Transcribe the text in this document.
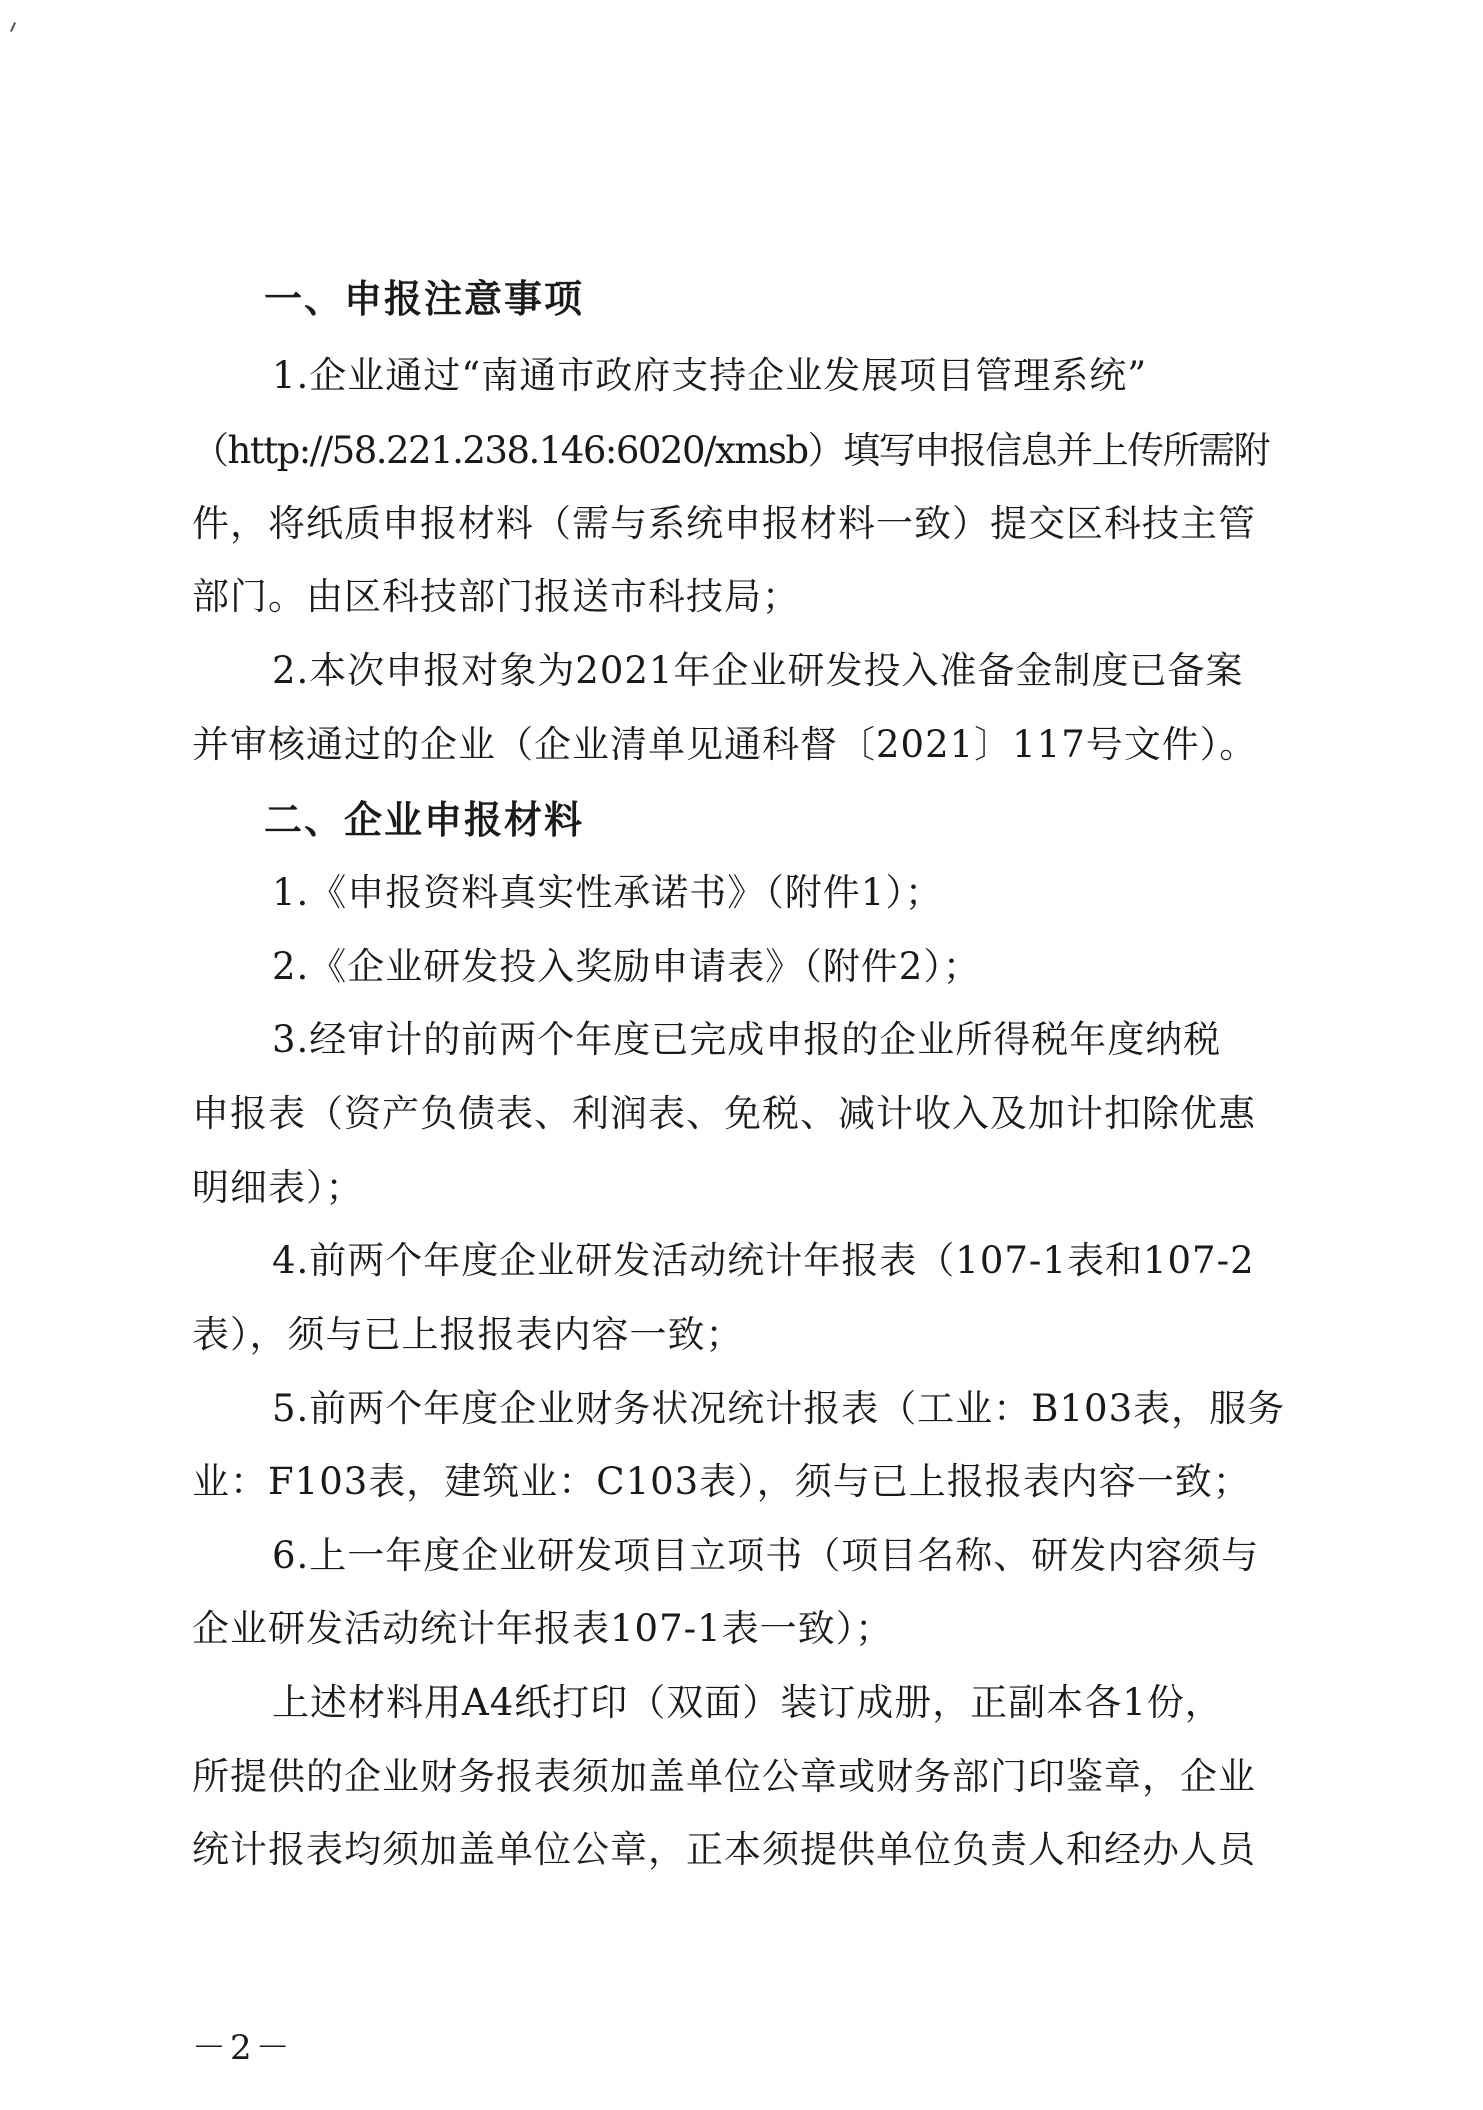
一、申报注意事项
1.企业通过“南通市政府支持企业发展项目管理系统”
（http://58.221.238.146:6020/xmsb）填写申报信息并上传所需附
件，将纸质申报材料（需与系统申报材料一致）提交区科技主管
部门。由区科技部门报送市科技局；
2.本次申报对象为2021年企业研发投入准备金制度已备案
并审核通过的企业（企业清单见通科督〔2021〕117号文件）。
二、企业申报材料
1.《申报资料真实性承诺书》（附件1）；
2.《企业研发投入奖励申请表》（附件2）；
3.经审计的前两个年度已完成申报的企业所得税年度纳税
申报表（资产负债表、利润表、免税、减计收入及加计扣除优惠
明细表）；
4.前两个年度企业研发活动统计年报表（107-1表和107-2
表），须与已上报报表内容一致；
5.前两个年度企业财务状况统计报表（工业：B103表，服务
业：F103表，建筑业：C103表），须与已上报报表内容一致；
6.上一年度企业研发项目立项书（项目名称、研发内容须与
企业研发活动统计年报表107-1表一致）；
上述材料用A4纸打印（双面）装订成册，正副本各1份，
所提供的企业财务报表须加盖单位公章或财务部门印鉴章，企业
统计报表均须加盖单位公章，正本须提供单位负责人和经办人员
－2－
